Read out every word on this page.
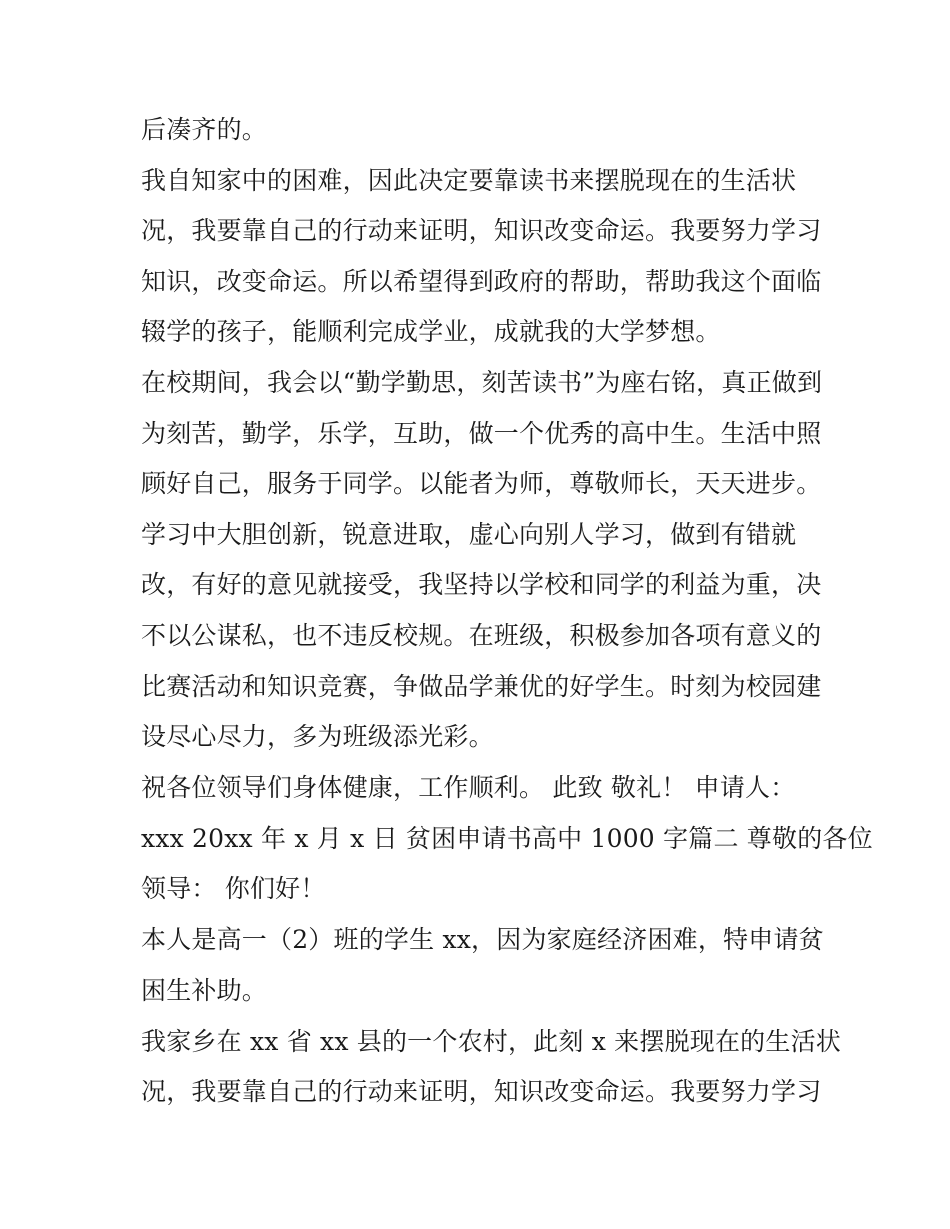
后凑齐的。
我自知家中的困难，因此决定要靠读书来摆脱现在的生活状
况，我要靠自己的行动来证明，知识改变命运。我要努力学习
知识，改变命运。所以希望得到政府的帮助，帮助我这个面临
辍学的孩子，能顺利完成学业，成就我的大学梦想。
在校期间，我会以“勤学勤思，刻苦读书”为座右铭，真正做到
为刻苦，勤学，乐学，互助，做一个优秀的高中生。生活中照
顾好自己，服务于同学。以能者为师，尊敬师长，天天进步。
学习中大胆创新，锐意进取，虚心向别人学习，做到有错就
改，有好的意见就接受，我坚持以学校和同学的利益为重，决
不以公谋私，也不违反校规。在班级，积极参加各项有意义的
比赛活动和知识竞赛，争做品学兼优的好学生。时刻为校园建
设尽心尽力，多为班级添光彩。
祝各位领导们身体健康，工作顺利。 此致 敬礼！ 申请人：
xxx 20xx 年 x 月 x 日 贫困申请书高中 1000 字篇二 尊敬的各位
领导： 你们好！
本人是高一（2）班的学生 xx，因为家庭经济困难，特申请贫
困生补助。
我家乡在 xx 省 xx 县的一个农村，此刻 x 来摆脱现在的生活状
况，我要靠自己的行动来证明，知识改变命运。我要努力学习
